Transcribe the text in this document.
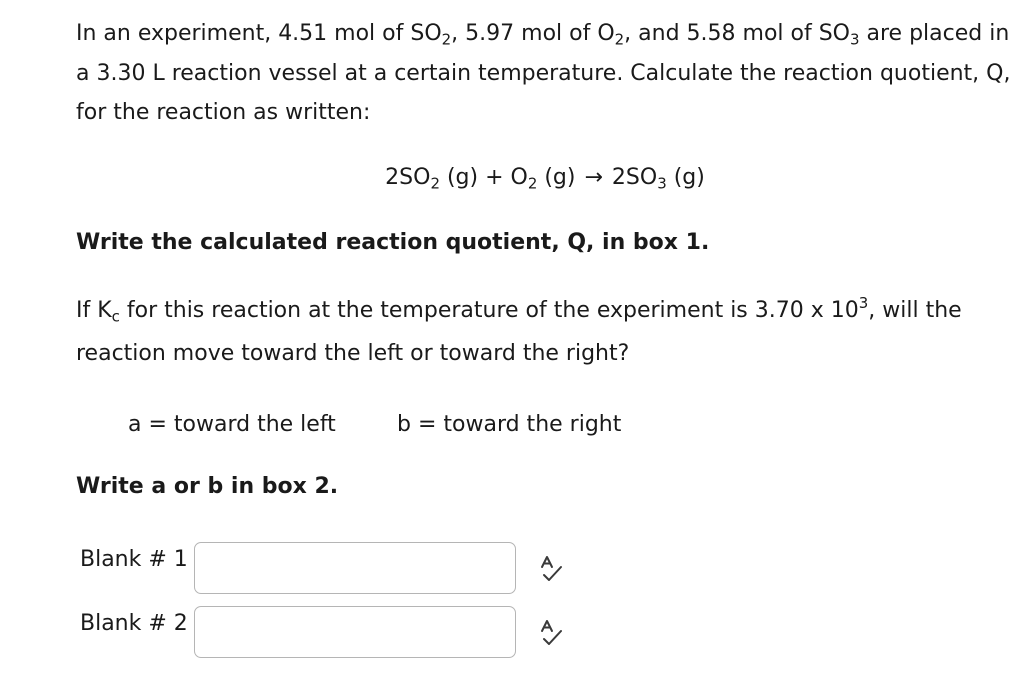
In an experiment, 4.51 mol of $SO_2$, 5.97 mol of $O_2$, and 5.58 mol of $SO_3$ are placed in a 3.30 L reaction vessel at a certain temperature. Calculate the reaction quotient, Q, for the reaction as written:

$2SO_2$ $(g) + O_2$ $(g) \to 2SO_3$ (g)
Write the calculated reaction quotient, Q, in box 1.

If $K_c$ for this reaction at the temperature of the experiment is 3.70 x $10^3$, will the reaction move toward the left or toward the right?

a = toward the left	b = toward the right
Write a or b in box 2.
Blank # 1
Blank # 2
